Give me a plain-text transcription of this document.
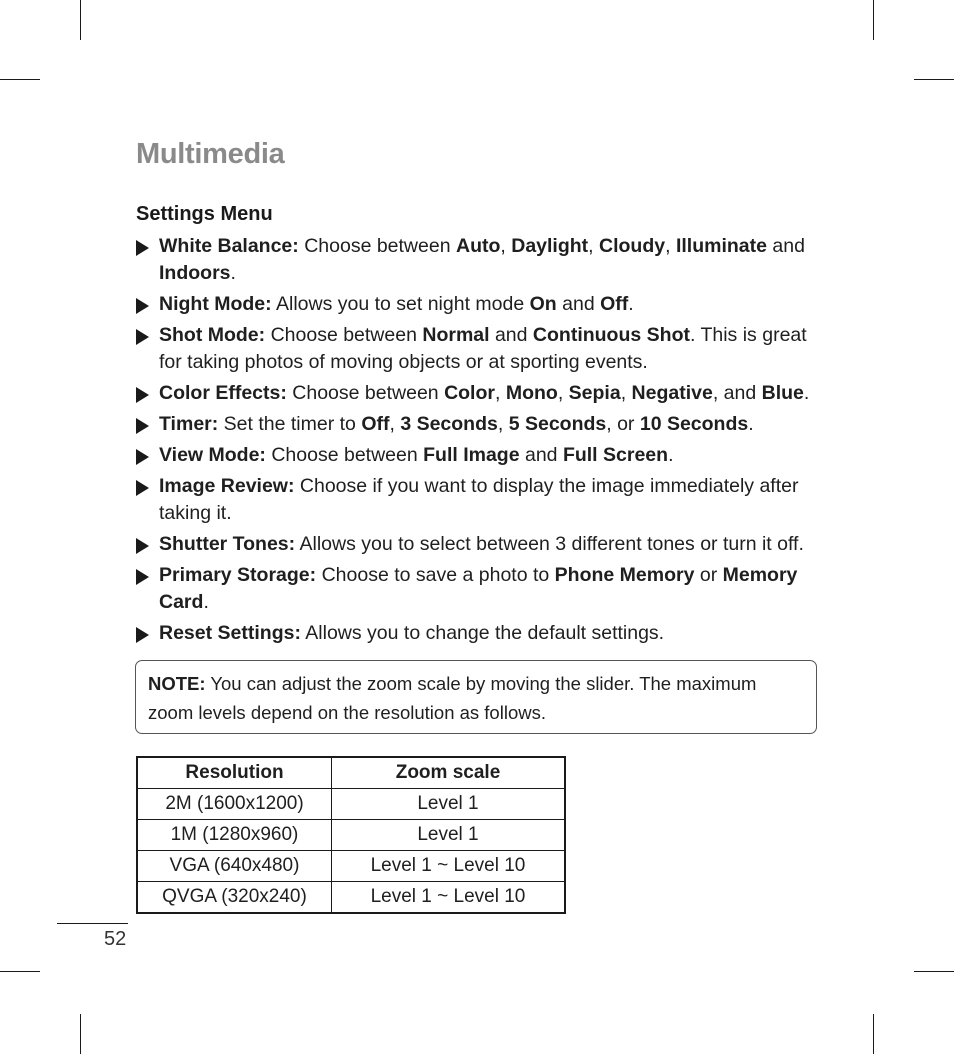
Multimedia
Settings Menu
White Balance: Choose between Auto, Daylight, Cloudy, Illuminate and Indoors.
Night Mode: Allows you to set night mode On and Off.
Shot Mode: Choose between Normal and Continuous Shot. This is great for taking photos of moving objects or at sporting events.
Color Effects: Choose between Color, Mono, Sepia, Negative, and Blue.
Timer: Set the timer to Off, 3 Seconds, 5 Seconds, or 10 Seconds.
View Mode: Choose between Full Image and Full Screen.
Image Review: Choose if you want to display the image immediately after taking it.
Shutter Tones: Allows you to select between 3 different tones or turn it off.
Primary Storage: Choose to save a photo to Phone Memory or Memory Card.
Reset Settings: Allows you to change the default settings.
NOTE: You can adjust the zoom scale by moving the slider. The maximum zoom levels depend on the resolution as follows.
Resolution	Zoom scale
2M (1600x1200)	Level 1
1M (1280x960)	Level 1
VGA (640x480)	Level 1 ~ Level 10
QVGA (320x240)	Level 1 ~ Level 10
52
